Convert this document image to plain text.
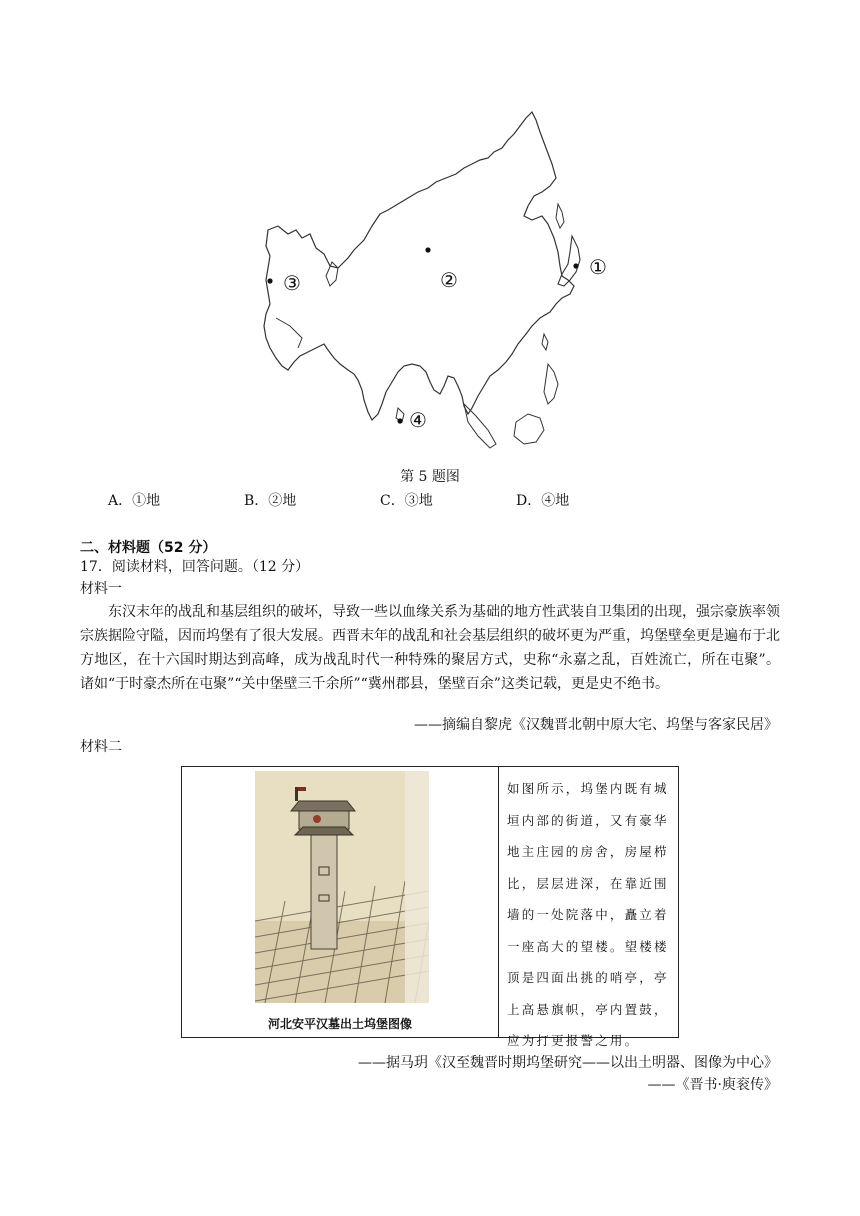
①
②
③
④
第 5 题图
A．①地	B．②地	C．③地	D．④地
二、材料题（52 分）
17．阅读材料，回答问题。（12 分）
材料一
东汉末年的战乱和基层组织的破坏，导致一些以血缘关系为基础的地方性武装自卫集团的出现，强宗豪族率领宗族据险守隘，因而坞堡有了很大发展。西晋末年的战乱和社会基层组织的破坏更为严重，坞堡壁垒更是遍布于北方地区，在十六国时期达到高峰，成为战乱时代一种特殊的聚居方式，史称“永嘉之乱，百姓流亡，所在屯聚”。诸如“于时豪杰所在屯聚”“关中堡壁三千余所”“冀州郡县，堡壁百余”这类记载，更是史不绝书。
——摘编自黎虎《汉魏晋北朝中原大宅、坞堡与客家民居》
材料二
河北安平汉墓出土坞堡图像
如图所示，坞堡内既有城垣内部的街道，又有豪华地主庄园的房舍，房屋栉比，层层进深，在靠近围墙的一处院落中，矗立着一座高大的望楼。望楼楼顶是四面出挑的哨亭，亭上高悬旗帜，亭内置鼓，应为打更报警之用。
——据马玥《汉至魏晋时期坞堡研究——以出土明器、图像为中心》
——《晋书·庾衮传》
